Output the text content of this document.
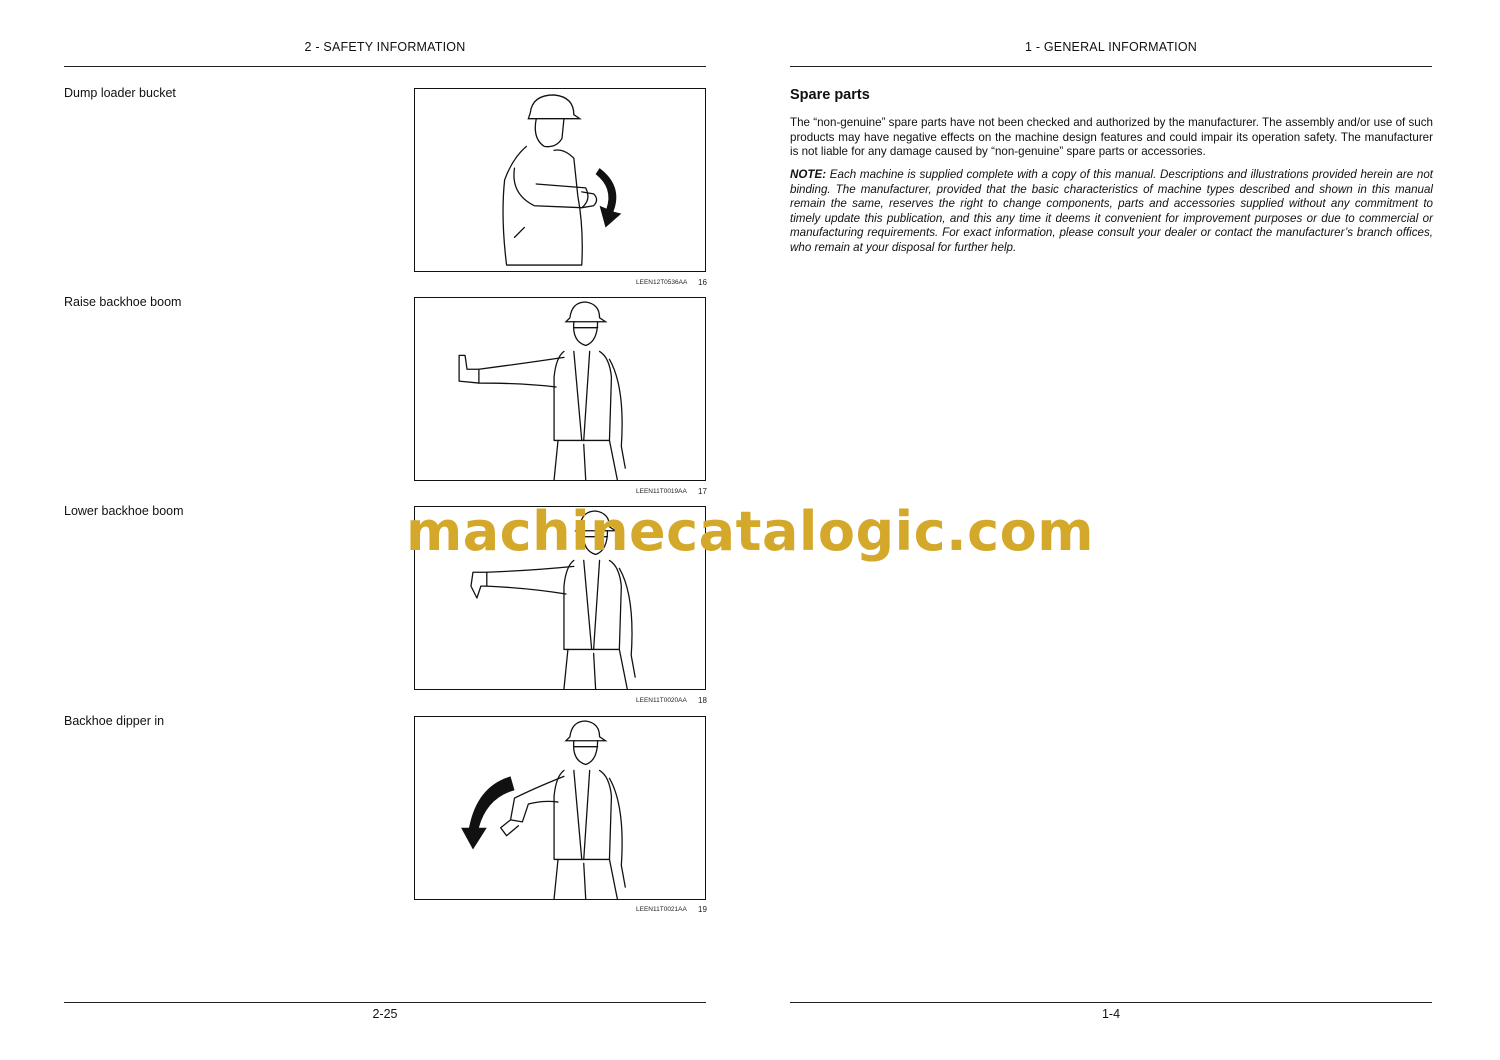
2 - SAFETY INFORMATION
Dump loader bucket
LEEN12T0536AA 16
Raise backhoe boom
LEEN11T0019AA 17
Lower backhoe boom
LEEN11T0020AA 18
Backhoe dipper in
LEEN11T0021AA 19
2-25
1 - GENERAL INFORMATION
Spare parts
The “non-genuine” spare parts have not been checked and authorized by the manufacturer. The assembly and/or use of such products may have negative effects on the machine design features and could impair its operation safety. The manufacturer is not liable for any damage caused by “non-genuine” spare parts or accessories.
NOTE: Each machine is supplied complete with a copy of this manual. Descriptions and illustrations provided herein are not binding. The manufacturer, provided that the basic characteristics of machine types described and shown in this manual remain the same, reserves the right to change components, parts and accessories supplied without any commitment to timely update this publication, and this any time it deems it convenient for improvement purposes or due to commercial or manufacturing requirements. For exact information, please consult your dealer or contact the manufacturer’s branch offices, who remain at your disposal for further help.
1-4
machinecatalogic.com
